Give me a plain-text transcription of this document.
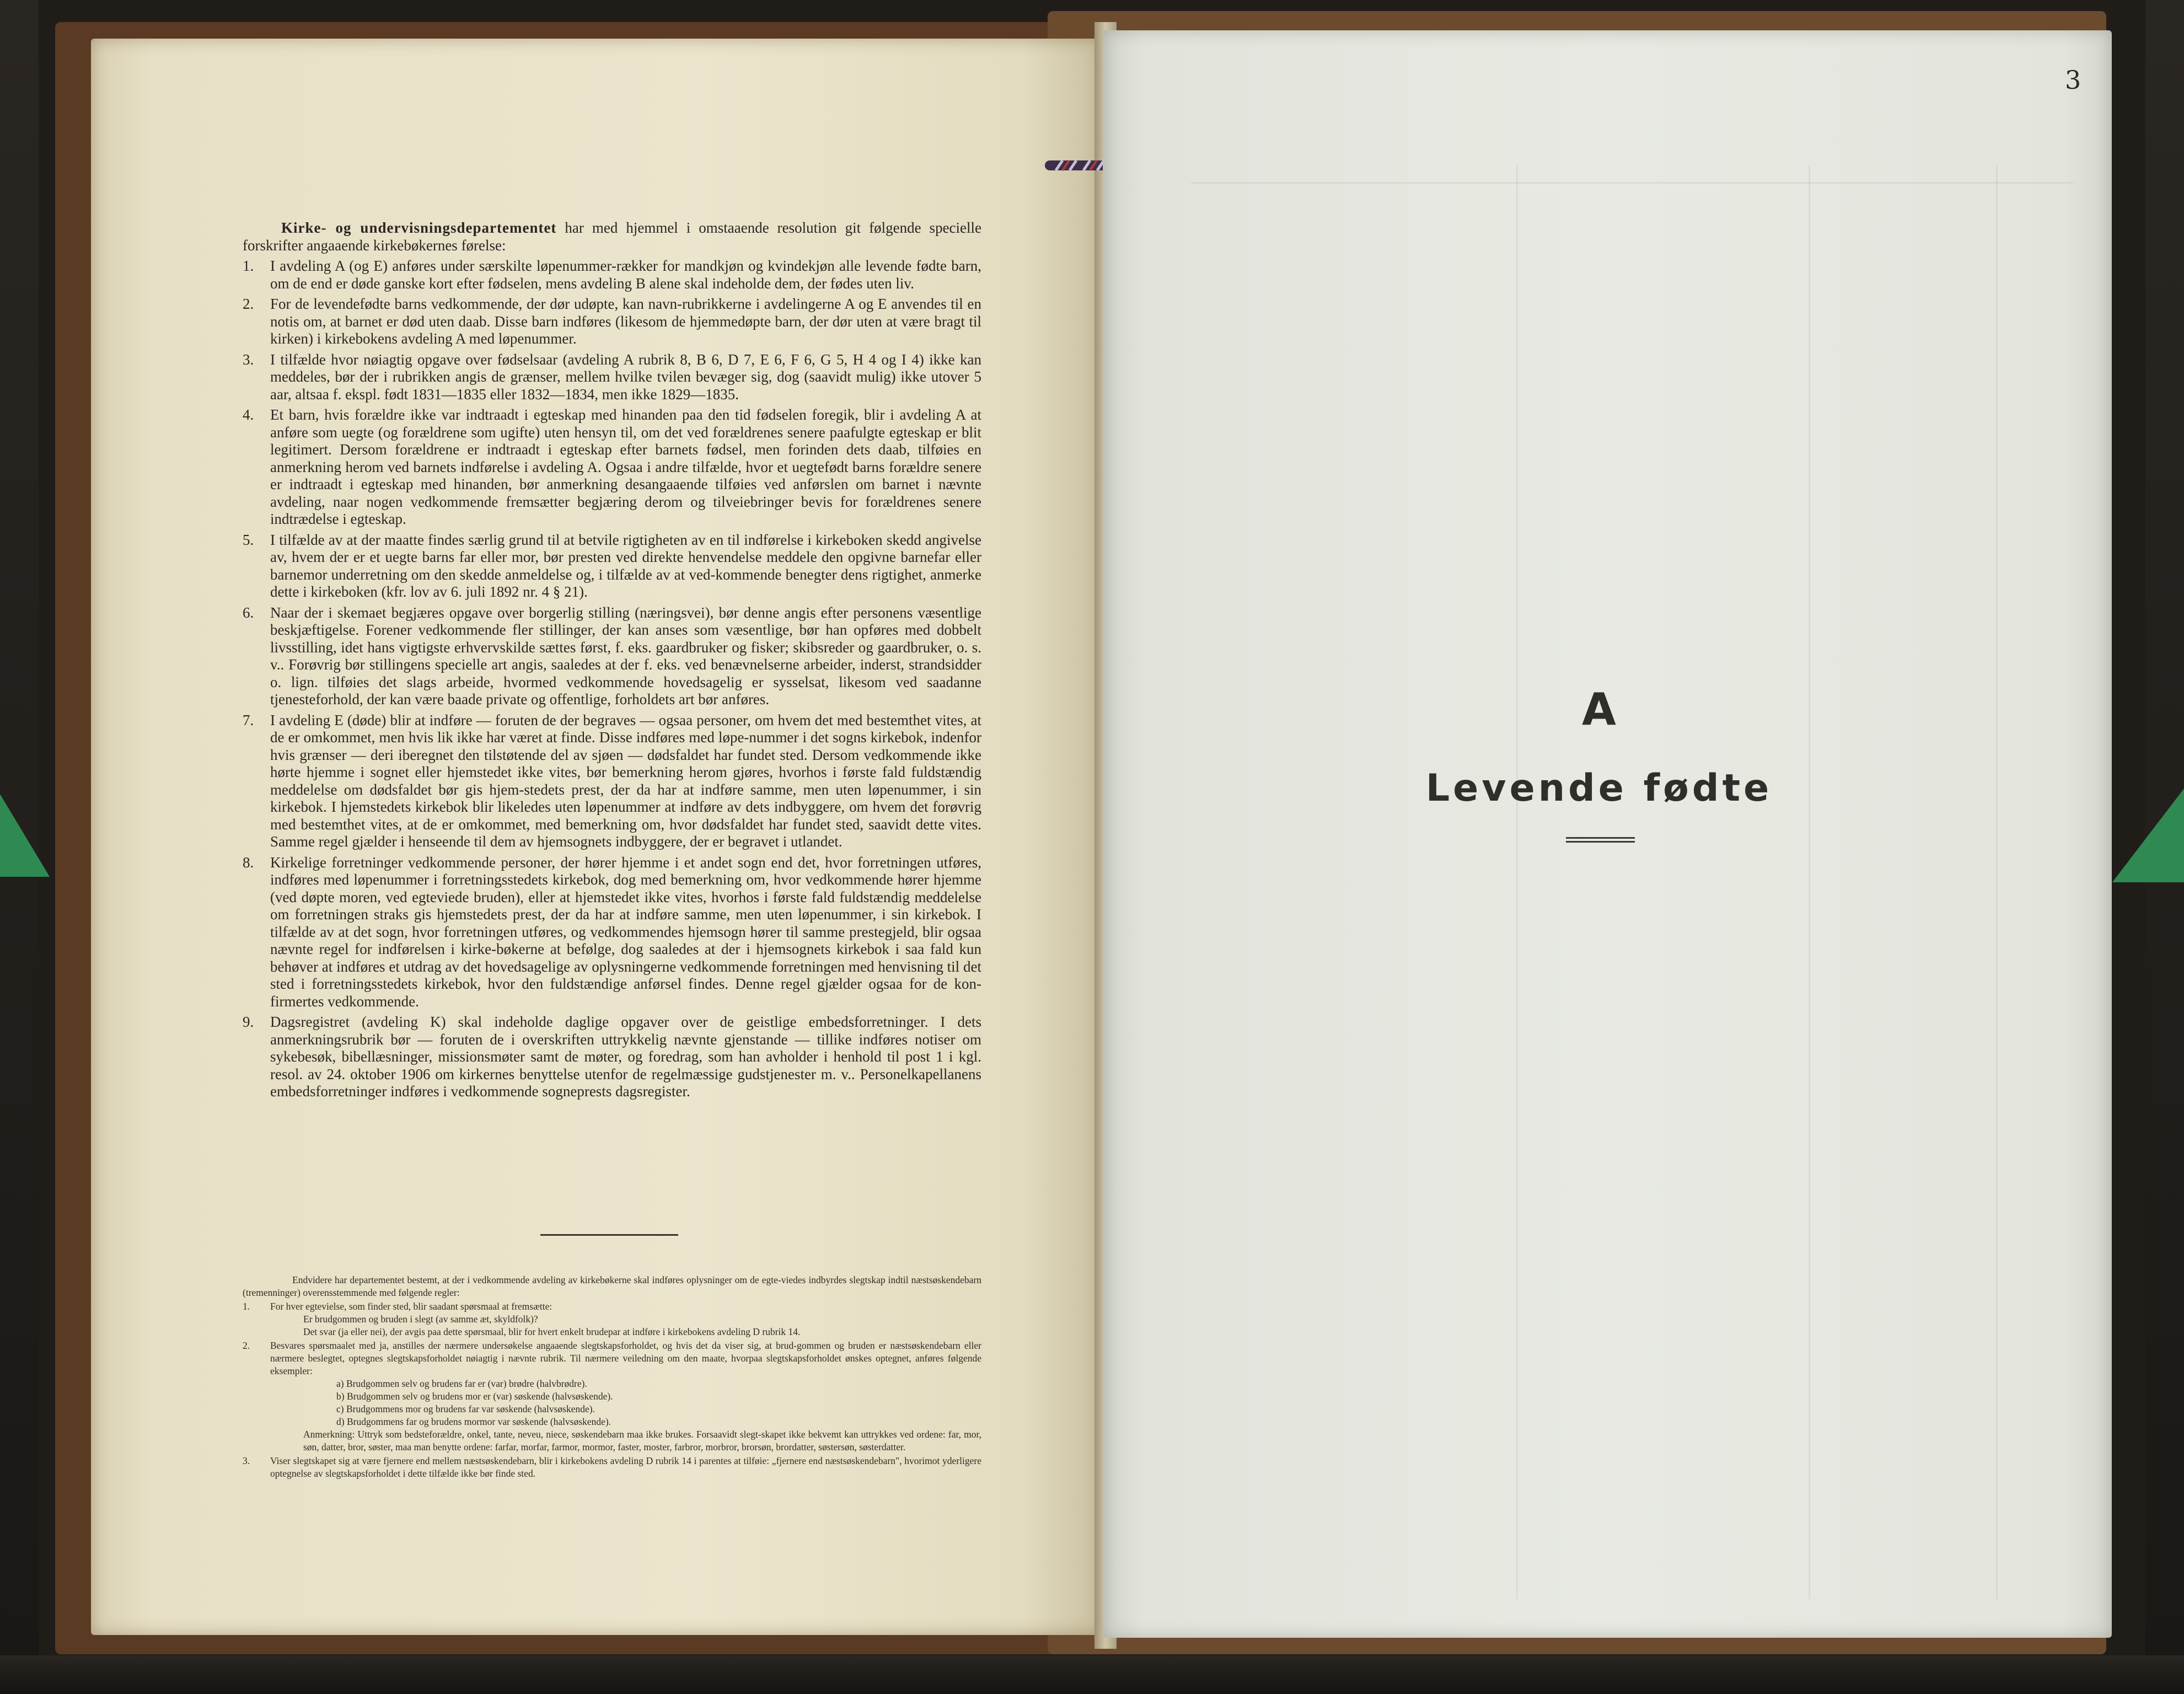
Kirke- og undervisningsdepartementet har med hjemmel i omstaaende resolution git følgende specielle forskrifter angaaende kirkebøkernes førelse:
1. I avdeling A (og E) anføres under særskilte løpenummer-rækker for mandkjøn og kvindekjøn alle levende fødte barn, om de end er døde ganske kort efter fødselen, mens avdeling B alene skal indeholde dem, der fødes uten liv.
2. For de levendefødte barns vedkommende, der dør udøpte, kan navn-rubrikkerne i avdelingerne A og E anvendes til en notis om, at barnet er død uten daab. Disse barn indføres (likesom de hjemmedøpte barn, der dør uten at være bragt til kirken) i kirkebokens avdeling A med løpenummer.
3. I tilfælde hvor nøiagtig opgave over fødselsaar (avdeling A rubrik 8, B 6, D 7, E 6, F 6, G 5, H 4 og I 4) ikke kan meddeles, bør der i rubrikken angis de grænser, mellem hvilke tvilen bevæger sig, dog (saavidt mulig) ikke utover 5 aar, altsaa f. ekspl. født 1831—1835 eller 1832—1834, men ikke 1829—1835.
4. Et barn, hvis forældre ikke var indtraadt i egteskap med hinanden paa den tid fødselen foregik, blir i avdeling A at anføre som uegte (og forældrene som ugifte) uten hensyn til, om det ved forældrenes senere paafulgte egteskap er blit legitimert. Dersom forældrene er indtraadt i egteskap efter barnets fødsel, men forinden dets daab, tilføies en anmerkning herom ved barnets indførelse i avdeling A. Ogsaa i andre tilfælde, hvor et uegtefødt barns forældre senere er indtraadt i egteskap med hinanden, bør anmerkning desangaaende tilføies ved anførslen om barnet i nævnte avdeling, naar nogen vedkommende fremsætter begjæring derom og tilveiebringer bevis for forældrenes senere indtrædelse i egteskap.
5. I tilfælde av at der maatte findes særlig grund til at betvile rigtigheten av en til indførelse i kirkeboken skedd angivelse av, hvem der er et uegte barns far eller mor, bør presten ved direkte henvendelse meddele den opgivne barnefar eller barnemor underretning om den skedde anmeldelse og, i tilfælde av at ved-kommende benegter dens rigtighet, anmerke dette i kirkeboken (kfr. lov av 6. juli 1892 nr. 4 § 21).
6. Naar der i skemaet begjæres opgave over borgerlig stilling (næringsvei), bør denne angis efter personens væsentlige beskjæftigelse. Forener vedkommende fler stillinger, der kan anses som væsentlige, bør han opføres med dobbelt livsstilling, idet hans vigtigste erhvervskilde sættes først, f. eks. gaardbruker og fisker; skibsreder og gaardbruker, o. s. v.. Forøvrig bør stillingens specielle art angis, saaledes at der f. eks. ved benævnelserne arbeider, inderst, strandsidder o. lign. tilføies det slags arbeide, hvormed vedkommende hovedsagelig er sysselsat, likesom ved saadanne tjenesteforhold, der kan være baade private og offentlige, forholdets art bør anføres.
7. I avdeling E (døde) blir at indføre — foruten de der begraves — ogsaa personer, om hvem det med bestemthet vites, at de er omkommet, men hvis lik ikke har været at finde. Disse indføres med løpe-nummer i det sogns kirkebok, indenfor hvis grænser — deri iberegnet den tilstøtende del av sjøen — dødsfaldet har fundet sted. Dersom vedkommende ikke hørte hjemme i sognet eller hjemstedet ikke vites, bør bemerkning herom gjøres, hvorhos i første fald fuldstændig meddelelse om dødsfaldet bør gis hjem-stedets prest, der da har at indføre samme, men uten løpenummer, i sin kirkebok. I hjemstedets kirkebok blir likeledes uten løpenummer at indføre av dets indbyggere, om hvem det forøvrig med bestemthet vites, at de er omkommet, med bemerkning om, hvor dødsfaldet har fundet sted, saavidt dette vites. Samme regel gjælder i henseende til dem av hjemsognets indbyggere, der er begravet i utlandet.
8. Kirkelige forretninger vedkommende personer, der hører hjemme i et andet sogn end det, hvor forretningen utføres, indføres med løpenummer i forretningsstedets kirkebok, dog med bemerkning om, hvor vedkommende hører hjemme (ved døpte moren, ved egteviede bruden), eller at hjemstedet ikke vites, hvorhos i første fald fuldstændig meddelelse om forretningen straks gis hjemstedets prest, der da har at indføre samme, men uten løpenummer, i sin kirkebok. I tilfælde av at det sogn, hvor forretningen utføres, og vedkommendes hjemsogn hører til samme prestegjeld, blir ogsaa nævnte regel for indførelsen i kirke-bøkerne at befølge, dog saaledes at der i hjemsognets kirkebok i saa fald kun behøver at indføres et utdrag av det hovedsagelige av oplysningerne vedkommende forretningen med henvisning til det sted i forretningsstedets kirkebok, hvor den fuldstændige anførsel findes. Denne regel gjælder ogsaa for de kon-firmertes vedkommende.
9. Dagsregistret (avdeling K) skal indeholde daglige opgaver over de geistlige embedsforretninger. I dets anmerkningsrubrik bør — foruten de i overskriften uttrykkelig nævnte gjenstande — tillike indføres notiser om sykebesøk, bibellæsninger, missionsmøter samt de møter, og foredrag, som han avholder i henhold til post 1 i kgl. resol. av 24. oktober 1906 om kirkernes benyttelse utenfor de regelmæssige gudstjenester m. v.. Personelkapellanens embedsforretninger indføres i vedkommende sogneprests dagsregister.
Endvidere har departementet bestemt, at der i vedkommende avdeling av kirkebøkerne skal indføres oplysninger om de egte-viedes indbyrdes slegtskap indtil næstsøskendebarn (tremenninger) overensstemmende med følgende regler:
1. For hver egtevielse, som finder sted, blir saadant spørsmaal at fremsætte:
Er brudgommen og bruden i slegt (av samme æt, skyldfolk)?
Det svar (ja eller nei), der avgis paa dette spørsmaal, blir for hvert enkelt brudepar at indføre i kirkebokens avdeling D rubrik 14.
2. Besvares spørsmaalet med ja, anstilles der nærmere undersøkelse angaaende slegtskapsforholdet, og hvis det da viser sig, at brud-gommen og bruden er næstsøskendebarn eller nærmere beslegtet, optegnes slegtskapsforholdet nøiagtig i nævnte rubrik. Til nærmere veiledning om den maate, hvorpaa slegtskapsforholdet ønskes optegnet, anføres følgende eksempler:
a) Brudgommen selv og brudens far er (var) brødre (halvbrødre).
b) Brudgommen selv og brudens mor er (var) søskende (halvsøskende).
c) Brudgommens mor og brudens far var søskende (halvsøskende).
d) Brudgommens far og brudens mormor var søskende (halvsøskende).
Anmerkning: Uttryk som bedsteforældre, onkel, tante, neveu, niece, søskendebarn maa ikke brukes. Forsaavidt slegt-skapet ikke bekvemt kan uttrykkes ved ordene: far, mor, søn, datter, bror, søster, maa man benytte ordene: farfar, morfar, farmor, mormor, faster, moster, farbror, morbror, brorsøn, brordatter, søstersøn, søsterdatter.
3. Viser slegtskapet sig at være fjernere end mellem næstsøskendebarn, blir i kirkebokens avdeling D rubrik 14 i parentes at tilføie: „fjernere end næstsøskendebarn", hvorimot yderligere optegnelse av slegtskapsforholdet i dette tilfælde ikke bør finde sted.
3
A
Levende fødte
